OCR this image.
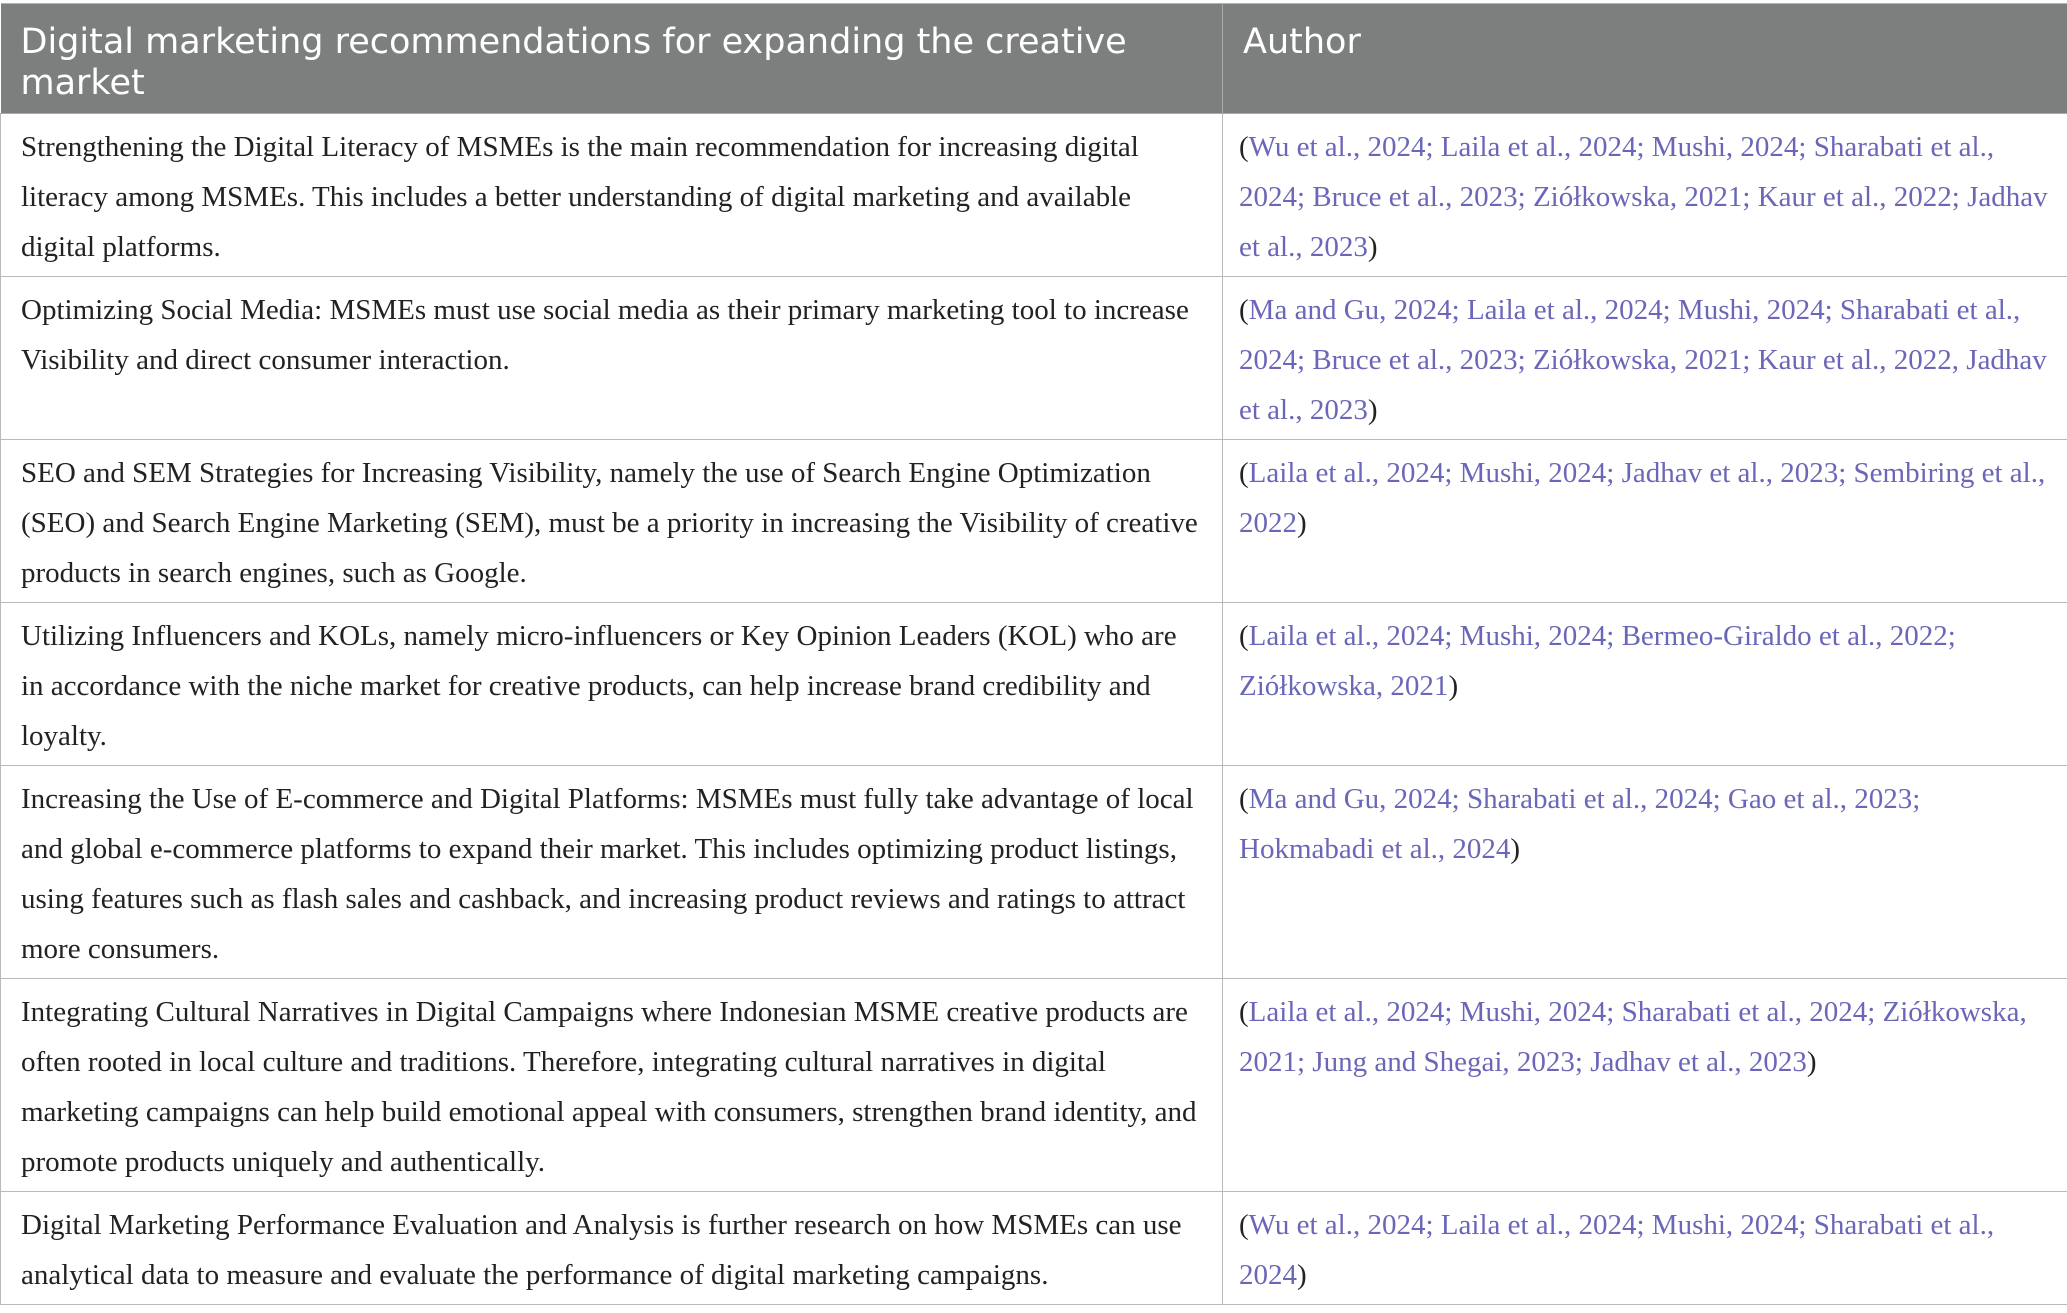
Digital marketing recommendations for expanding the creative market	Author
Strengthening the Digital Literacy of MSMEs is the main recommendation for increasing digital literacy among MSMEs. This includes a better understanding of digital marketing and available digital platforms.	(Wu et al., 2024; Laila et al., 2024; Mushi, 2024; Sharabati et al., 2024; Bruce et al., 2023; Ziółkowska, 2021; Kaur et al., 2022; Jadhav et al., 2023)
Optimizing Social Media: MSMEs must use social media as their primary marketing tool to increase Visibility and direct consumer interaction.	(Ma and Gu, 2024; Laila et al., 2024; Mushi, 2024; Sharabati et al., 2024; Bruce et al., 2023; Ziółkowska, 2021; Kaur et al., 2022, Jadhav et al., 2023)
SEO and SEM Strategies for Increasing Visibility, namely the use of Search Engine Optimization (SEO) and Search Engine Marketing (SEM), must be a priority in increasing the Visibility of creative products in search engines, such as Google.	(Laila et al., 2024; Mushi, 2024; Jadhav et al., 2023; Sembiring et al., 2022)
Utilizing Influencers and KOLs, namely micro-influencers or Key Opinion Leaders (KOL) who are in accordance with the niche market for creative products, can help increase brand credibility and loyalty.	(Laila et al., 2024; Mushi, 2024; Bermeo-Giraldo et al., 2022; Ziółkowska, 2021)
Increasing the Use of E-commerce and Digital Platforms: MSMEs must fully take advantage of local and global e-commerce platforms to expand their market. This includes optimizing product listings, using features such as flash sales and cashback, and increasing product reviews and ratings to attract more consumers.	(Ma and Gu, 2024; Sharabati et al., 2024; Gao et al., 2023; Hokmabadi et al., 2024)
Integrating Cultural Narratives in Digital Campaigns where Indonesian MSME creative products are often rooted in local culture and traditions. Therefore, integrating cultural narratives in digital marketing campaigns can help build emotional appeal with consumers, strengthen brand identity, and promote products uniquely and authentically.	(Laila et al., 2024; Mushi, 2024; Sharabati et al., 2024; Ziółkowska, 2021; Jung and Shegai, 2023; Jadhav et al., 2023)
Digital Marketing Performance Evaluation and Analysis is further research on how MSMEs can use analytical data to measure and evaluate the performance of digital marketing campaigns.	(Wu et al., 2024; Laila et al., 2024; Mushi, 2024; Sharabati et al., 2024)
